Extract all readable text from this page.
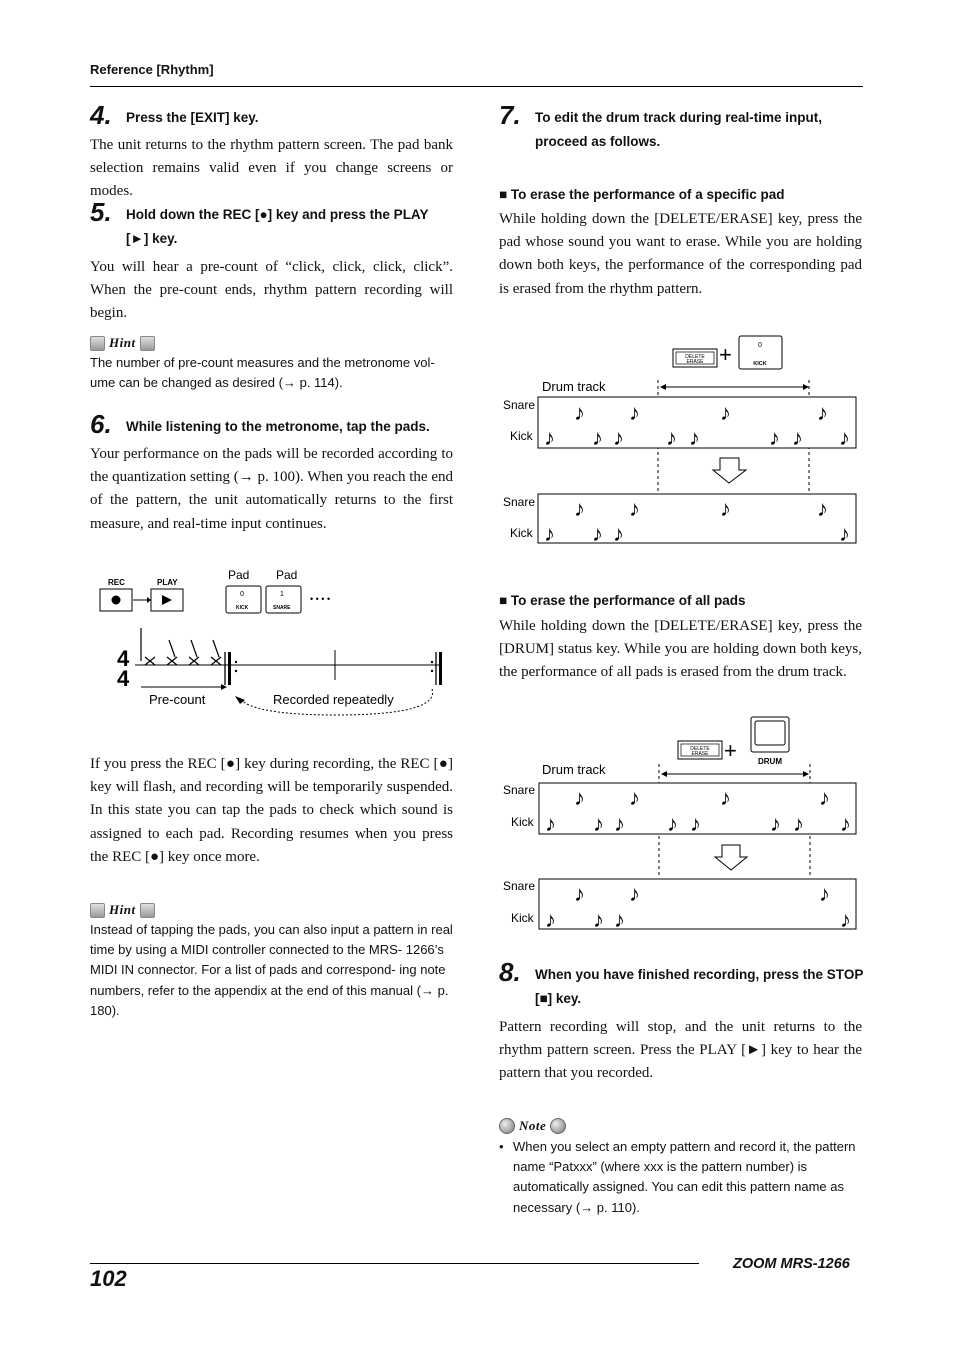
Reference [Rhythm]
4. Press the [EXIT] key.
The unit returns to the rhythm pattern screen. The pad bank selection remains valid even if you change screens or modes.
5. Hold down the REC [●] key and press the PLAY
[►] key.
You will hear a pre-count of “click, click, click, click”. When the pre-count ends, rhythm pattern recording will begin.
Hint
The number of pre-count measures and the metronome vol- ume can be changed as desired (→ p. 114).
6. While listening to the metronome, tap the pads.
Your performance on the pads will be recorded according to the quantization setting (→ p. 100). When you reach the end of the pattern, the unit automatically returns to the first measure, and real-time input continues.
REC	PLAY
Pad Pad
0
KICK
1
SNARE
• • • •
4
4
Pre-count	Recorded repeatedly
If you press the REC [●] key during recording, the REC [●] key will flash, and recording will be temporarily suspended. In this state you can tap the pads to check which sound is assigned to each pad. Recording resumes when you press the REC [●] key once more.
Hint
Instead of tapping the pads, you can also input a pattern in real time by using a MIDI controller connected to the MRS- 1266’s MIDI IN connector. For a list of pads and correspond- ing note numbers, refer to the appendix at the end of this manual (→ p. 180).
7. To edit the drum track during real-time input,
proceed as follows.
■ To erase the performance of a specific pad
While holding down the [DELETE/ERASE] key, press the pad whose sound you want to erase. While you are holding down both keys, the performance of the corresponding pad is erased from the rhythm pattern.
DELETE
ERASE +	0
KICK
Drum track
Snare
Kick
♪ ♪	♪	♪
♪ ♪ ♪ ♪ ♪	♪ ♪ ♪
Snare
Kick
♪ ♪	♪	♪
♪ ♪ ♪	♪
■ To erase the performance of all pads
While holding down the [DELETE/ERASE] key, press the [DRUM] status key. While you are holding down both keys, the performance of all pads is erased from the drum track.
DELETE
ERASE +	DRUM
Drum track
Snare
Kick
♪ ♪	♪	♪
♪ ♪ ♪ ♪ ♪	♪ ♪ ♪
Snare
Kick
♪ ♪	♪
♪ ♪ ♪	♪
8. When you have finished recording, press the STOP
[■] key.
Pattern recording will stop, and the unit returns to the rhythm pattern screen. Press the PLAY [►] key to hear the pattern that you recorded.
Note
• When you select an empty pattern and record it, the pattern name “Patxxx” (where xxx is the pattern number) is automatically assigned. You can edit this pattern name as necessary (→ p. 110).
ZOOM MRS-1266
102
